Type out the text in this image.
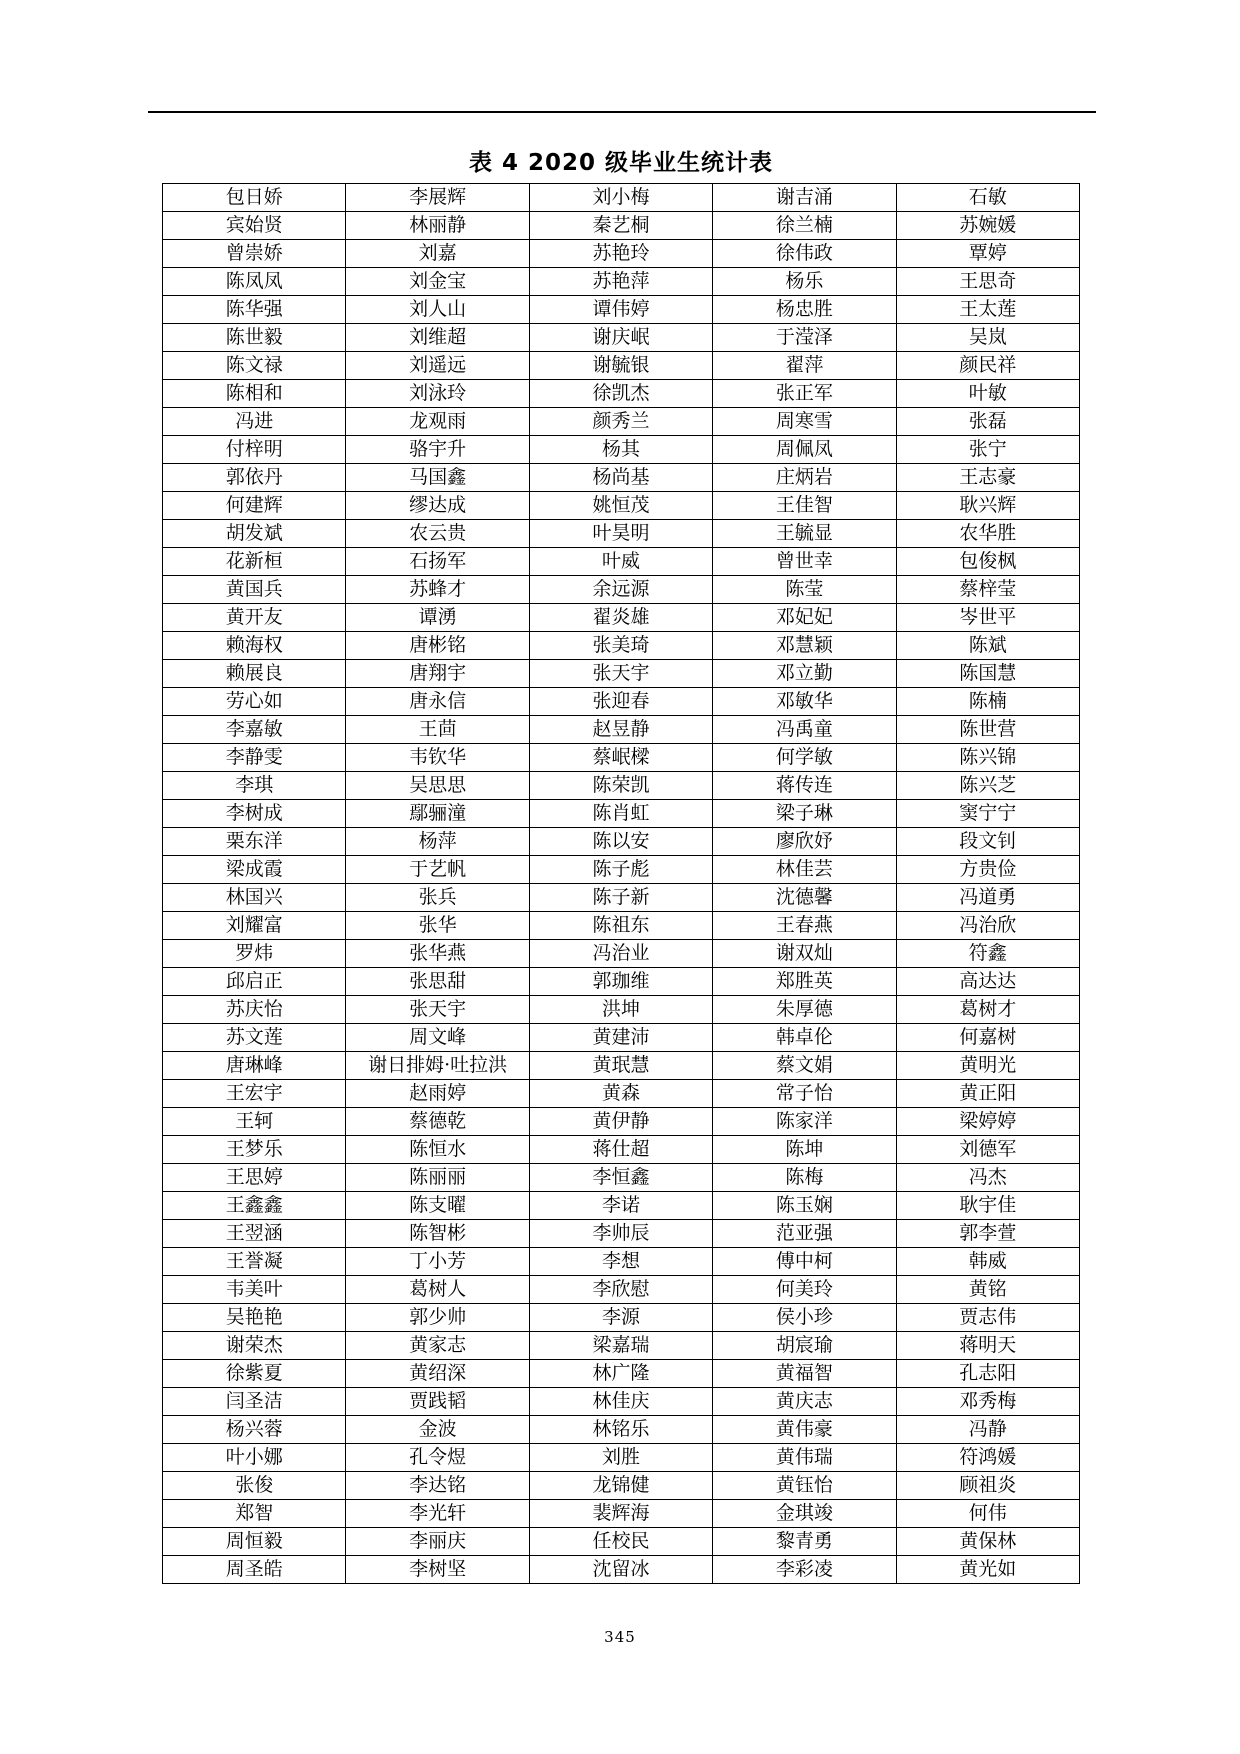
表 4 2020 级毕业生统计表
包日娇	李展辉	刘小梅	谢吉涌	石敏
宾始贤	林丽静	秦艺桐	徐兰楠	苏婉媛
曾崇娇	刘嘉	苏艳玲	徐伟政	覃婷
陈凤凤	刘金宝	苏艳萍	杨乐	王思奇
陈华强	刘人山	谭伟婷	杨忠胜	王太莲
陈世毅	刘维超	谢庆岷	于滢泽	吴岚
陈文禄	刘遥远	谢毓银	翟萍	颜民祥
陈相和	刘泳玲	徐凯杰	张正军	叶敏
冯进	龙观雨	颜秀兰	周寒雪	张磊
付梓明	骆宇升	杨其	周佩凤	张宁
郭依丹	马国鑫	杨尚基	庄炳岩	王志豪
何建辉	缪达成	姚恒茂	王佳智	耿兴辉
胡发斌	农云贵	叶昊明	王毓显	农华胜
花新桓	石扬军	叶威	曾世幸	包俊枫
黄国兵	苏蜂才	余远源	陈莹	蔡梓莹
黄开友	谭湧	翟炎雄	邓妃妃	岑世平
赖海权	唐彬铭	张美琦	邓慧颖	陈斌
赖展良	唐翔宇	张天宇	邓立勤	陈国慧
劳心如	唐永信	张迎春	邓敏华	陈楠
李嘉敏	王茴	赵昱静	冯禹童	陈世营
李静雯	韦钦华	蔡岷樑	何学敏	陈兴锦
李琪	吴思思	陈荣凯	蒋传连	陈兴芝
李树成	鄢骊潼	陈肖虹	梁子琳	窦宁宁
栗东洋	杨萍	陈以安	廖欣妤	段文钊
梁成霞	于艺帆	陈子彪	林佳芸	方贵俭
林国兴	张兵	陈子新	沈德馨	冯道勇
刘耀富	张华	陈祖东	王春燕	冯治欣
罗炜	张华燕	冯治业	谢双灿	符鑫
邱启正	张思甜	郭珈维	郑胜英	高达达
苏庆怡	张天宇	洪坤	朱厚德	葛树才
苏文莲	周文峰	黄建沛	韩卓伦	何嘉树
唐琳峰	谢日排姆·吐拉洪	黄珉慧	蔡文娟	黄明光
王宏宇	赵雨婷	黄森	常子怡	黄正阳
王轲	蔡德乾	黄伊静	陈家洋	梁婷婷
王梦乐	陈恒水	蒋仕超	陈坤	刘德军
王思婷	陈丽丽	李恒鑫	陈梅	冯杰
王鑫鑫	陈支曜	李诺	陈玉娴	耿宇佳
王翌涵	陈智彬	李帅辰	范亚强	郭李萱
王誉凝	丁小芳	李想	傅中柯	韩威
韦美叶	葛树人	李欣慰	何美玲	黄铭
吴艳艳	郭少帅	李源	侯小珍	贾志伟
谢荣杰	黄家志	梁嘉瑞	胡宸瑜	蒋明天
徐紫夏	黄绍深	林广隆	黄福智	孔志阳
闫圣洁	贾践韬	林佳庆	黄庆志	邓秀梅
杨兴蓉	金波	林铭乐	黄伟豪	冯静
叶小娜	孔令煜	刘胜	黄伟瑞	符鸿媛
张俊	李达铭	龙锦健	黄钰怡	顾祖炎
郑智	李光轩	裴辉海	金琪竣	何伟
周恒毅	李丽庆	任校民	黎青勇	黄保林
周圣皓	李树坚	沈留冰	李彩凌	黄光如
345
